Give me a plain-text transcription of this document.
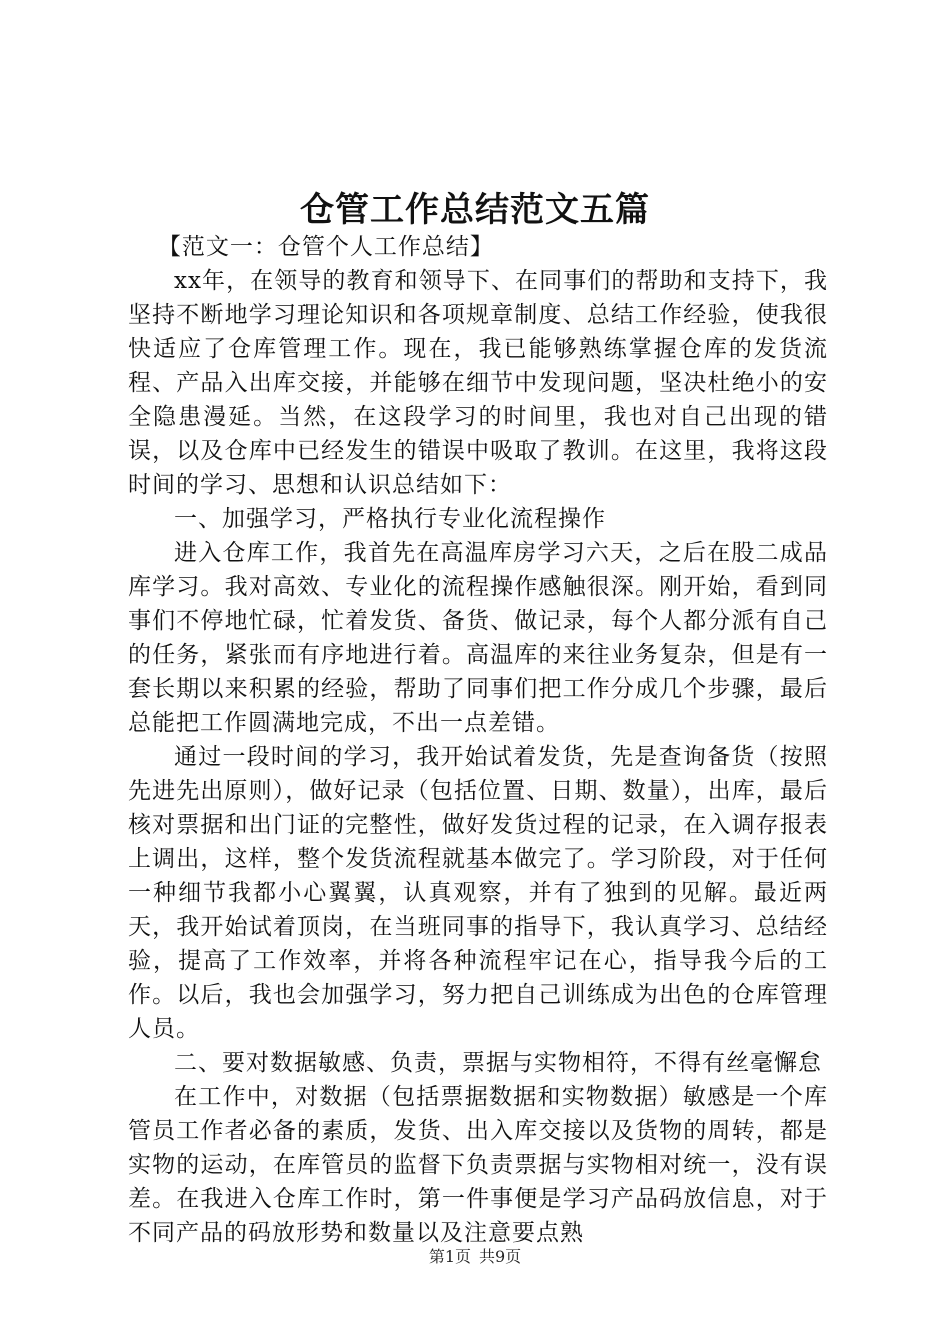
仓管工作总结范文五篇

【范文一：仓管个人工作总结】

xx年，在领导的教育和领导下、在同事们的帮助和支持下，我坚持不断地学习理论知识和各项规章制度、总结工作经验，使我很快适应了仓库管理工作。现在，我已能够熟练掌握仓库的发货流程、产品入出库交接，并能够在细节中发现问题，坚决杜绝小的安全隐患漫延。当然，在这段学习的时间里，我也对自己出现的错误，以及仓库中已经发生的错误中吸取了教训。在这里，我将这段时间的学习、思想和认识总结如下：

一、加强学习，严格执行专业化流程操作

进入仓库工作，我首先在高温库房学习六天，之后在股二成品库学习。我对高效、专业化的流程操作感触很深。刚开始，看到同事们不停地忙碌，忙着发货、备货、做记录，每个人都分派有自己的任务，紧张而有序地进行着。高温库的来往业务复杂，但是有一套长期以来积累的经验，帮助了同事们把工作分成几个步骤，最后总能把工作圆满地完成，不出一点差错。

通过一段时间的学习，我开始试着发货，先是查询备货（按照先进先出原则），做好记录（包括位置、日期、数量），出库，最后核对票据和出门证的完整性，做好发货过程的记录，在入调存报表上调出，这样，整个发货流程就基本做完了。学习阶段，对于任何一种细节我都小心翼翼，认真观察，并有了独到的见解。最近两天，我开始试着顶岗，在当班同事的指导下，我认真学习、总结经验，提高了工作效率，并将各种流程牢记在心，指导我今后的工作。以后，我也会加强学习，努力把自己训练成为出色的仓库管理人员。

二、要对数据敏感、负责，票据与实物相符，不得有丝毫懈怠

在工作中，对数据（包括票据数据和实物数据）敏感是一个库管员工作者必备的素质，发货、出入库交接以及货物的周转，都是实物的运动，在库管员的监督下负责票据与实物相对统一，没有误差。在我进入仓库工作时，第一件事便是学习产品码放信息，对于不同产品的码放形势和数量以及注意要点熟

第1页 共9页
